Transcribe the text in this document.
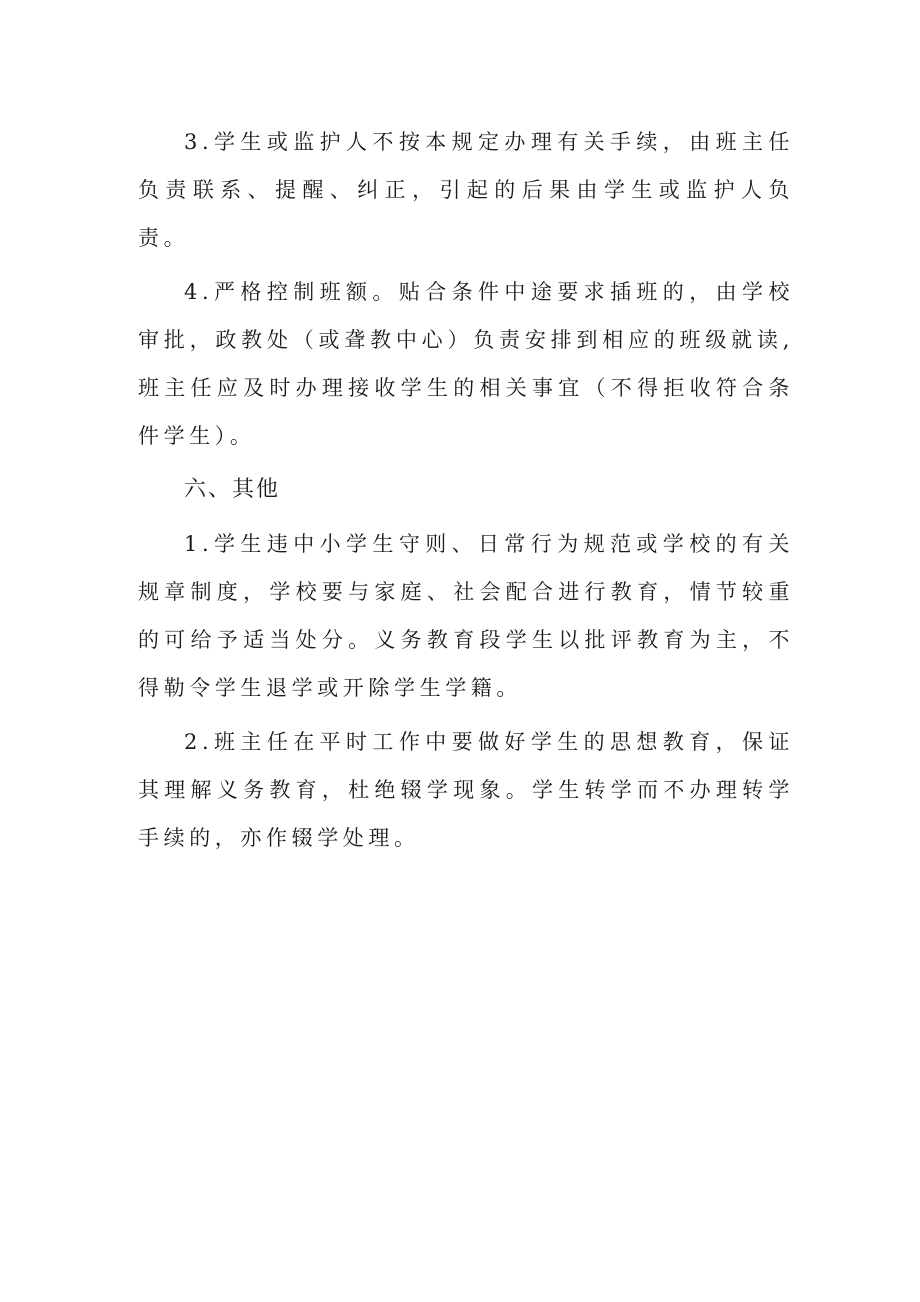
3.学生或监护人不按本规定办理有关手续，由班主任负责联系、提醒、纠正，引起的后果由学生或监护人负责。

4.严格控制班额。贴合条件中途要求插班的，由学校审批，政教处（或聋教中心）负责安排到相应的班级就读,班主任应及时办理接收学生的相关事宜（不得拒收符合条件学生）。

六、其他

1.学生违中小学生守则、日常行为规范或学校的有关规章制度，学校要与家庭、社会配合进行教育，情节较重的可给予适当处分。义务教育段学生以批评教育为主，不得勒令学生退学或开除学生学籍。

2.班主任在平时工作中要做好学生的思想教育，保证其理解义务教育，杜绝辍学现象。学生转学而不办理转学手续的，亦作辍学处理。
